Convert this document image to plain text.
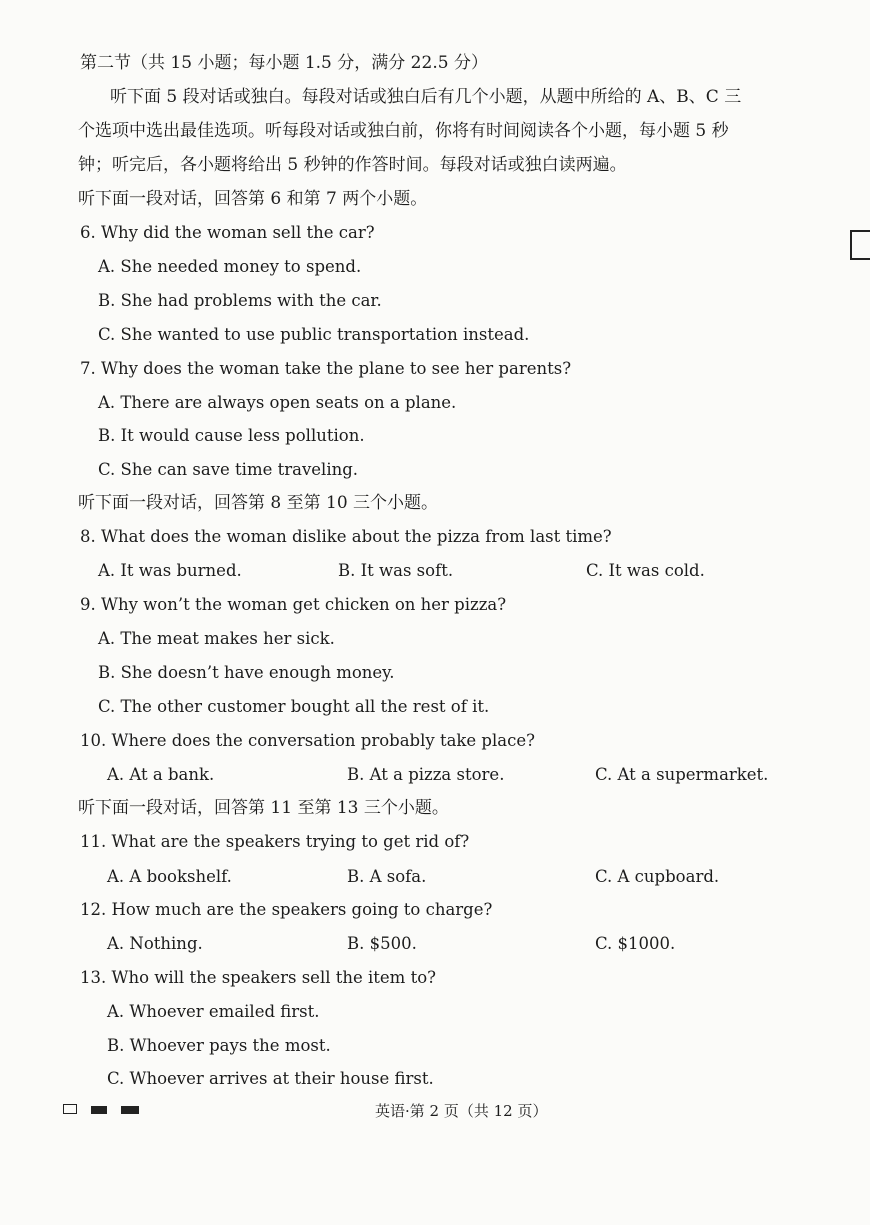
第二节（共 15 小题；每小题 1.5 分，满分 22.5 分）
听下面 5 段对话或独白。每段对话或独白后有几个小题，从题中所给的 A、B、C 三
个选项中选出最佳选项。听每段对话或独白前，你将有时间阅读各个小题，每小题 5 秒
钟；听完后，各小题将给出 5 秒钟的作答时间。每段对话或独白读两遍。
听下面一段对话，回答第 6 和第 7 两个小题。
6. Why did the woman sell the car?
A. She needed money to spend.
B. She had problems with the car.
C. She wanted to use public transportation instead.
7. Why does the woman take the plane to see her parents?
A. There are always open seats on a plane.
B. It would cause less pollution.
C. She can save time traveling.
听下面一段对话，回答第 8 至第 10 三个小题。
8. What does the woman dislike about the pizza from last time?
A. It was burned.	B. It was soft.	C. It was cold.
9. Why won’t the woman get chicken on her pizza?
A. The meat makes her sick.
B. She doesn’t have enough money.
C. The other customer bought all the rest of it.
10. Where does the conversation probably take place?
A. At a bank.	B. At a pizza store.	C. At a supermarket.
听下面一段对话，回答第 11 至第 13 三个小题。
11. What are the speakers trying to get rid of?
A. A bookshelf.	B. A sofa.	C. A cupboard.
12. How much are the speakers going to charge?
A. Nothing.	B. $500.	C. $1000.
13. Who will the speakers sell the item to?
A. Whoever emailed first.
B. Whoever pays the most.
C. Whoever arrives at their house first.
英语·第 2 页（共 12 页）
